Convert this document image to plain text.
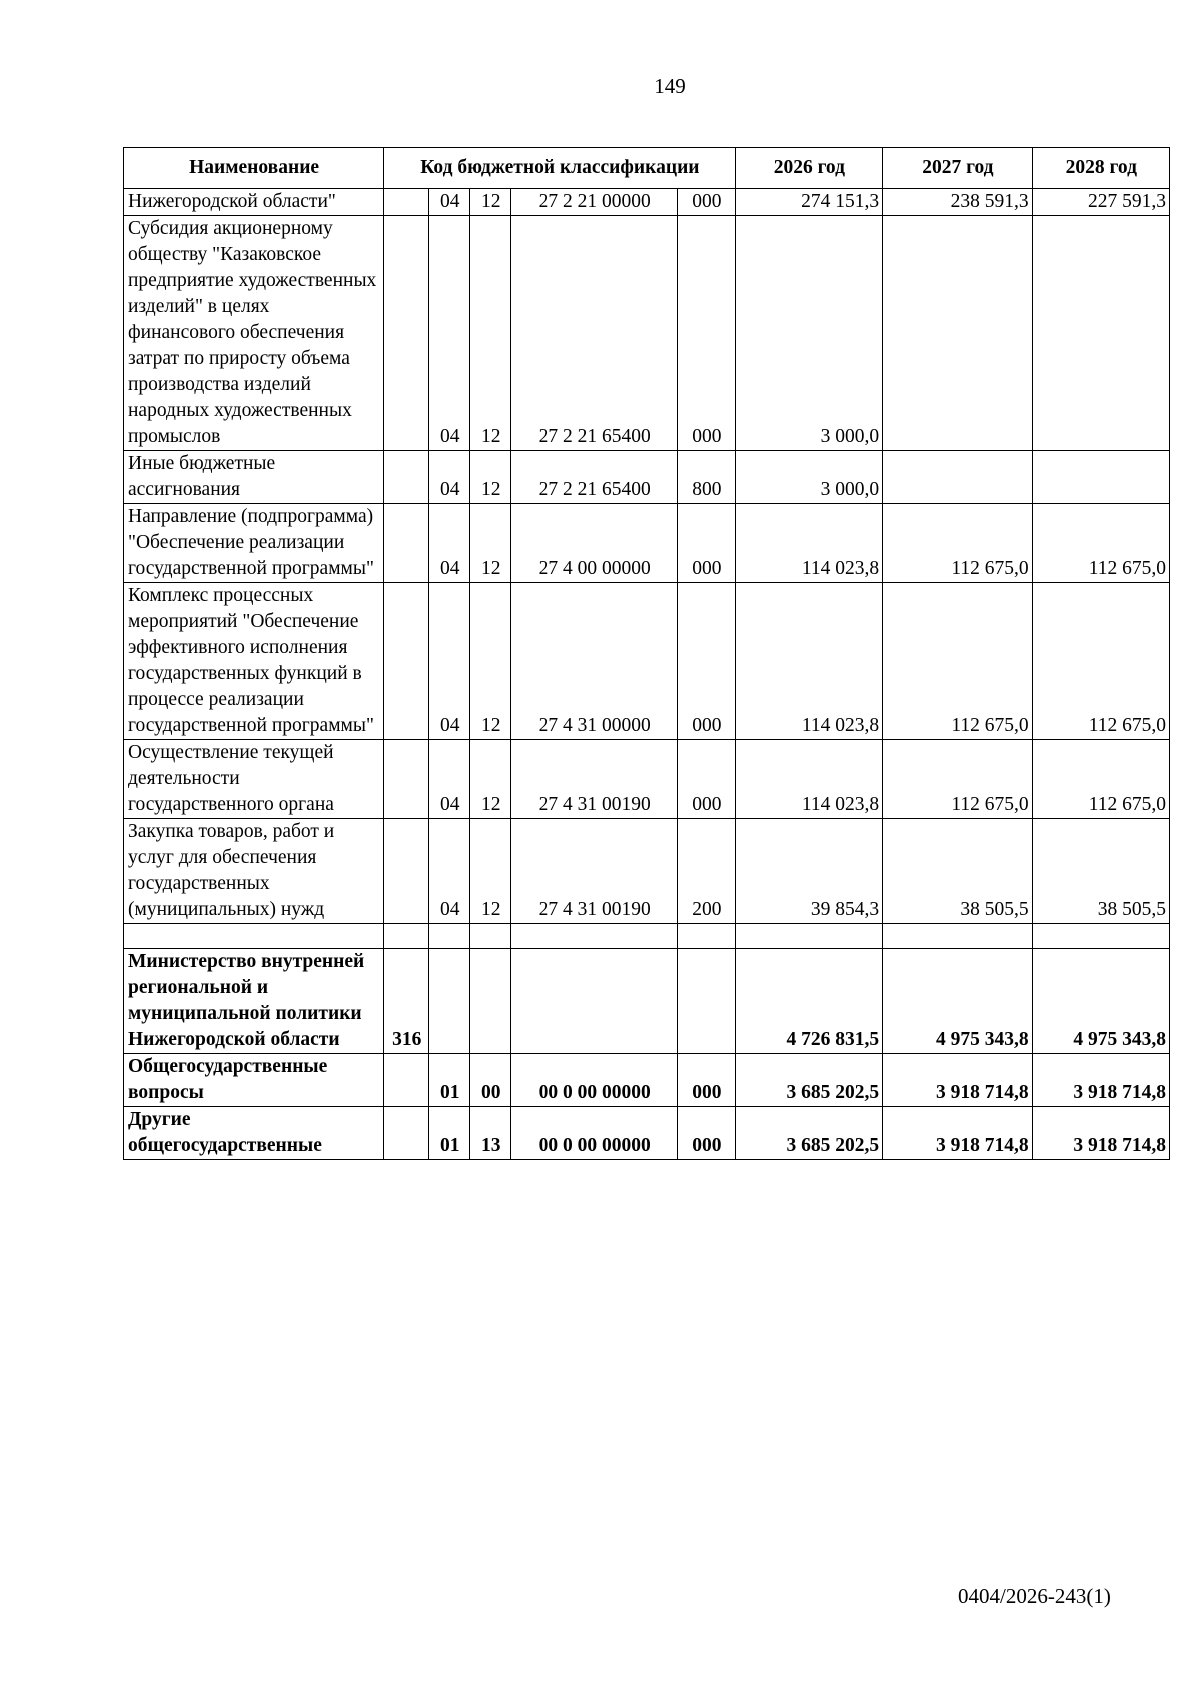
149
Наименование	Код бюджетной классификации					2026 год	2027 год	2028 год
Нижегородской области"		04	12	27 2 21 00000	000	274 151,3	238 591,3	227 591,3
Субсидия акционерному обществу "Казаковское предприятие художественных изделий" в целях финансового обеспечения затрат по приросту объема производства изделий народных художественных промыслов		04	12	27 2 21 65400	000	3 000,0		
Иные бюджетные ассигнования		04	12	27 2 21 65400	800	3 000,0		
Направление (подпрограмма) "Обеспечение реализации государственной программы"		04	12	27 4 00 00000	000	114 023,8	112 675,0	112 675,0
Комплекс процессных мероприятий "Обеспечение эффективного исполнения государственных функций в процессе реализации государственной программы"		04	12	27 4 31 00000	000	114 023,8	112 675,0	112 675,0
Осуществление текущей деятельности государственного органа		04	12	27 4 31 00190	000	114 023,8	112 675,0	112 675,0
Закупка товаров, работ и услуг для обеспечения государственных (муниципальных) нужд		04	12	27 4 31 00190	200	39 854,3	38 505,5	38 505,5

Министерство внутренней региональной и муниципальной политики Нижегородской области	316					4 726 831,5	4 975 343,8	4 975 343,8
Общегосударственные вопросы		01	00	00 0 00 00000	000	3 685 202,5	3 918 714,8	3 918 714,8
Другие общегосударственные		01	13	00 0 00 00000	000	3 685 202,5	3 918 714,8	3 918 714,8
0404/2026-243(1)
